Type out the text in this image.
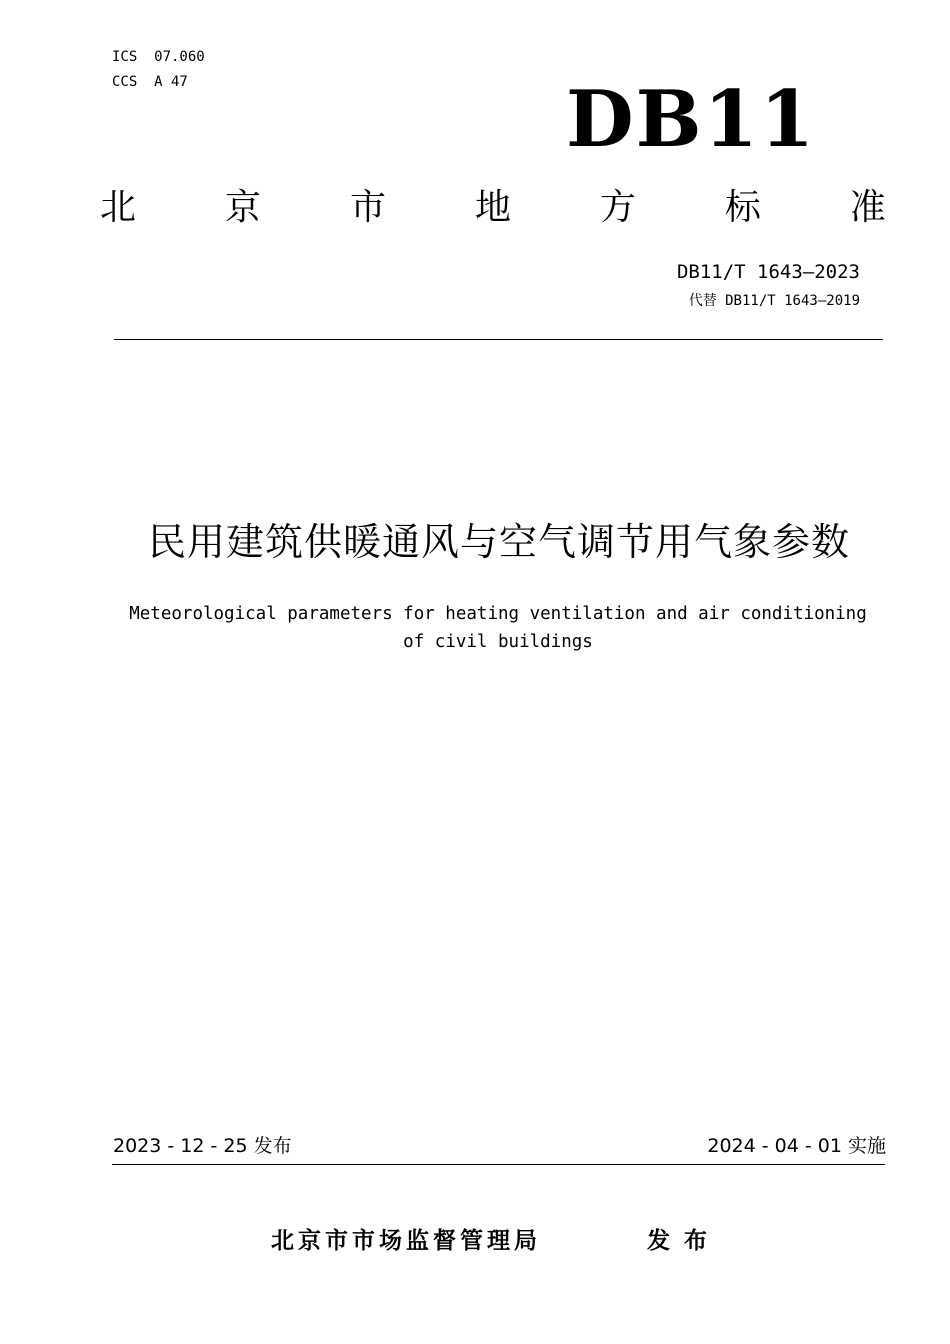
ICS  07.060
CCS  A 47	DB11
北 京 市 地 方 标 准
DB11/T 1643—2023
代替 DB11/T 1643—2019
民用建筑供暖通风与空气调节用气象参数
Meteorological parameters for heating ventilation and air conditioning
of civil buildings
2023 - 12 - 25 发布	2024 - 04 - 01 实施
北京市市场监督管理局	发布
